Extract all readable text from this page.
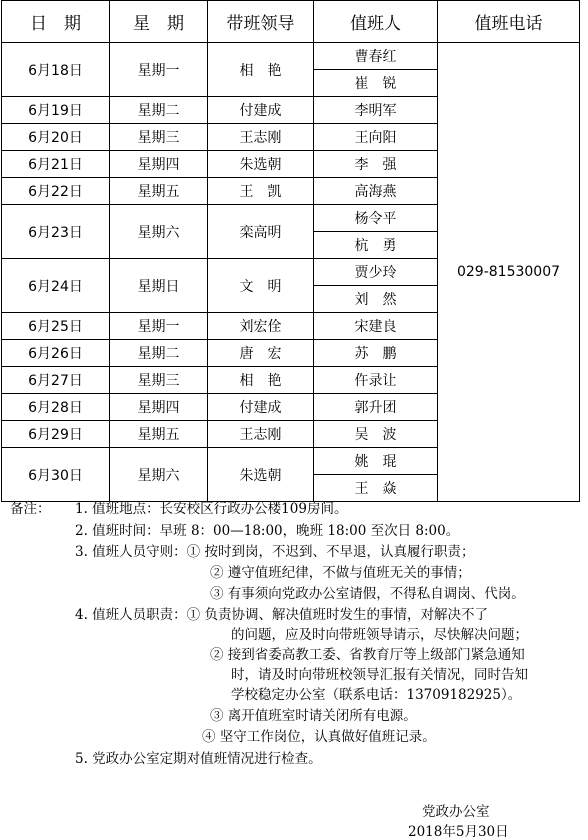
日　期	星　期	带班领导	值班人	值班电话
6月18日	星期一	相　艳	曹春红	029-81530007
			崔　锐	
6月19日	星期二	付建成	李明军	
6月20日	星期三	王志刚	王向阳	
6月21日	星期四	朱选朝	李　强	
6月22日	星期五	王　凯	高海燕	
6月23日	星期六	栾高明	杨令平	
			杭　勇	
6月24日	星期日	文　明	贾少玲	
			刘　然	
6月25日	星期一	刘宏佺	宋建良	
6月26日	星期二	唐　宏	苏　鹏	
6月27日	星期三	相　艳	仵录让	
6月28日	星期四	付建成	郭升团	
6月29日	星期五	王志刚	吴　波	
6月30日	星期六	朱选朝	姚　琨	
			王　焱	
备注： 1. 值班地点：长安校区行政办公楼109房间。
2. 值班时间：早班 8：00—18:00，晚班 18:00 至次日 8:00。
3. 值班人员守则：① 按时到岗，不迟到、不早退，认真履行职责；
② 遵守值班纪律，不做与值班无关的事情；
③ 有事须向党政办公室请假，不得私自调岗、代岗。
4. 值班人员职责：① 负责协调、解决值班时发生的事情，对解决不了
的问题，应及时向带班领导请示，尽快解决问题；
② 接到省委高教工委、省教育厅等上级部门紧急通知
时，请及时向带班校领导汇报有关情况，同时告知
学校稳定办公室（联系电话：13709182925）。
③ 离开值班室时请关闭所有电源。
④ 坚守工作岗位，认真做好值班记录。
5. 党政办公室定期对值班情况进行检查。
党政办公室
2018年5月30日
